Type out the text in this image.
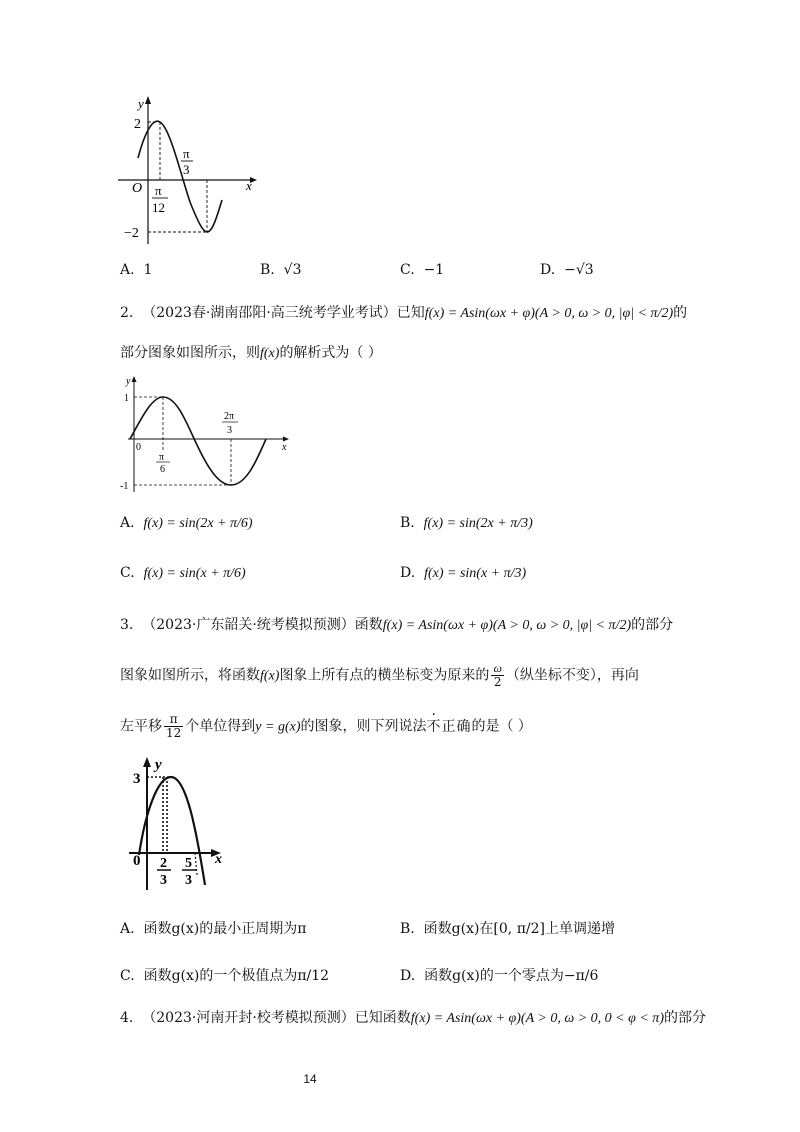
y
x
O
2
−2
π
12
π
3
A. 1	B. √3	C. −1	D. −√3
2. （2023春·湖南邵阳·高三统考学业考试）已知f(x) = Asin(ωx + φ)(A > 0, ω > 0, |φ| < π/2)的
部分图象如图所示，则f(x)的解析式为（ ）
y
x
0
1
-1
π
6
2π
3
A. f(x) = sin(2x + π/6)	B. f(x) = sin(2x + π/3)
C. f(x) = sin(x + π/6)	D. f(x) = sin(x + π/3)
3. （2023·广东韶关·统考模拟预测）函数f(x) = Asin(ωx + φ)(A > 0, ω > 0, |φ| < π/2)的部分
图象如图所示，将函数f(x)图象上所有点的横坐标变为原来的 $\frac{\omega}{2}$ （纵坐标不变），再向
左平移 $\frac{\pi}{12}$ 个单位得到y = g(x)的图象，则下列说法不正确的是（ ）
y
x
0
3
2
3
5
3
A. 函数g(x)的最小正周期为π	B. 函数g(x)在[0, π/2]上单调递增
C. 函数g(x)的一个极值点为π/12	D. 函数g(x)的一个零点为−π/6
4. （2023·河南开封·校考模拟预测）已知函数f(x) = Asin(ωx + φ)(A > 0, ω > 0, 0 < φ < π)的部分
14
